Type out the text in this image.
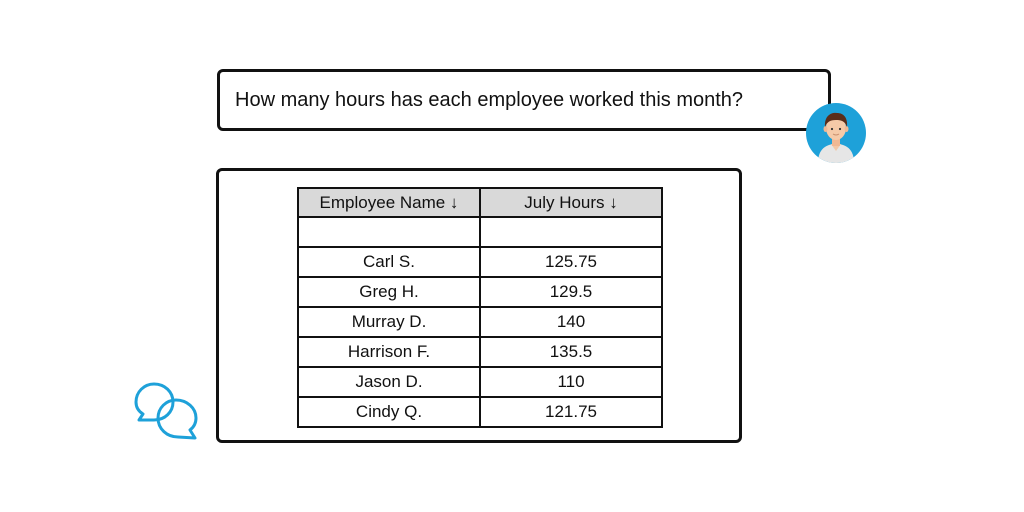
How many hours has each employee worked this month?
Employee Name ↓	July Hours ↓

Carl S.	125.75
Greg H.	129.5
Murray D.	140
Harrison F.	135.5
Jason D.	110
Cindy Q.	121.75
